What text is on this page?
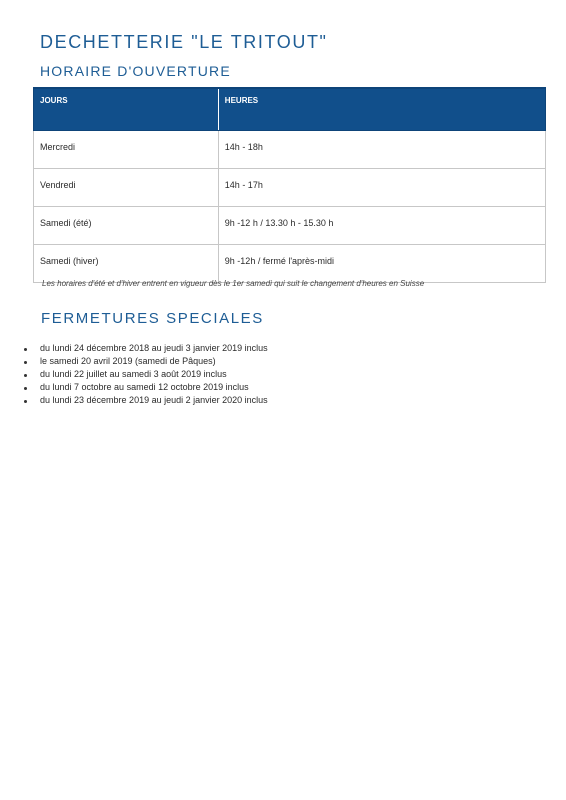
DECHETTERIE "LE TRITOUT"
HORAIRE D'OUVERTURE
JOURS	HEURES
Mercredi	14h - 18h
Vendredi	14h - 17h
Samedi (été)	9h -12 h / 13.30 h - 15.30 h
Samedi (hiver)	9h -12h / fermé l'après-midi

Les horaires d'été et d'hiver entrent en vigueur dès le 1er samedi qui suit le changement d'heures en Suisse

FERMETURES SPECIALES
du lundi 24 décembre 2018 au jeudi 3 janvier 2019 inclus
le samedi 20 avril 2019 (samedi de Pâques)
du lundi 22 juillet au samedi 3 août 2019 inclus
du lundi 7 octobre au samedi 12 octobre 2019 inclus
du lundi 23 décembre 2019 au jeudi 2 janvier 2020 inclus
